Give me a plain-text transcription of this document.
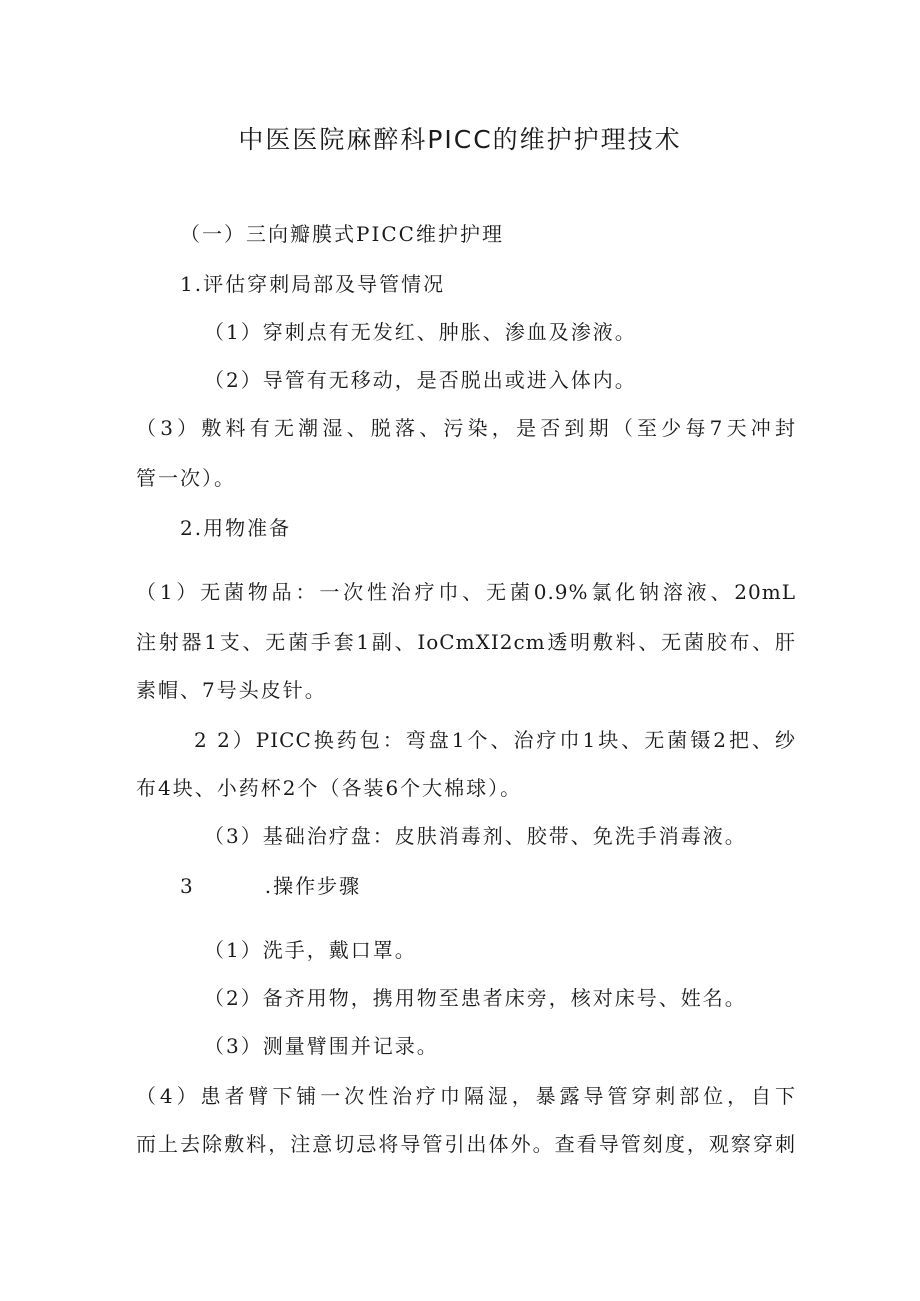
中医医院麻醉科PICC的维护护理技术
（一）三向瓣膜式PICC维护护理
1.评估穿刺局部及导管情况
（1）穿刺点有无发红、肿胀、渗血及渗液。
（2）导管有无移动，是否脱出或进入体内。
（3）敷料有无潮湿、脱落、污染，是否到期（至少每7天冲封
管一次）。
2.用物准备
（1）无菌物品：一次性治疗巾、无菌0.9%氯化钠溶液、20mL
注射器1支、无菌手套1副、IoCmXI2cm透明敷料、无菌胶布、肝
素帽、7号头皮针。
2 2）PICC换药包：弯盘1个、治疗巾1块、无菌镊2把、纱
布4块、小药杯2个（各装6个大棉球）。
（3）基础治疗盘：皮肤消毒剂、胶带、免洗手消毒液。
3	.操作步骤
（1）洗手，戴口罩。
（2）备齐用物，携用物至患者床旁，核对床号、姓名。
（3）测量臂围并记录。
（4）患者臂下铺一次性治疗巾隔湿，暴露导管穿刺部位，自下
而上去除敷料，注意切忌将导管引出体外。查看导管刻度，观察穿刺
